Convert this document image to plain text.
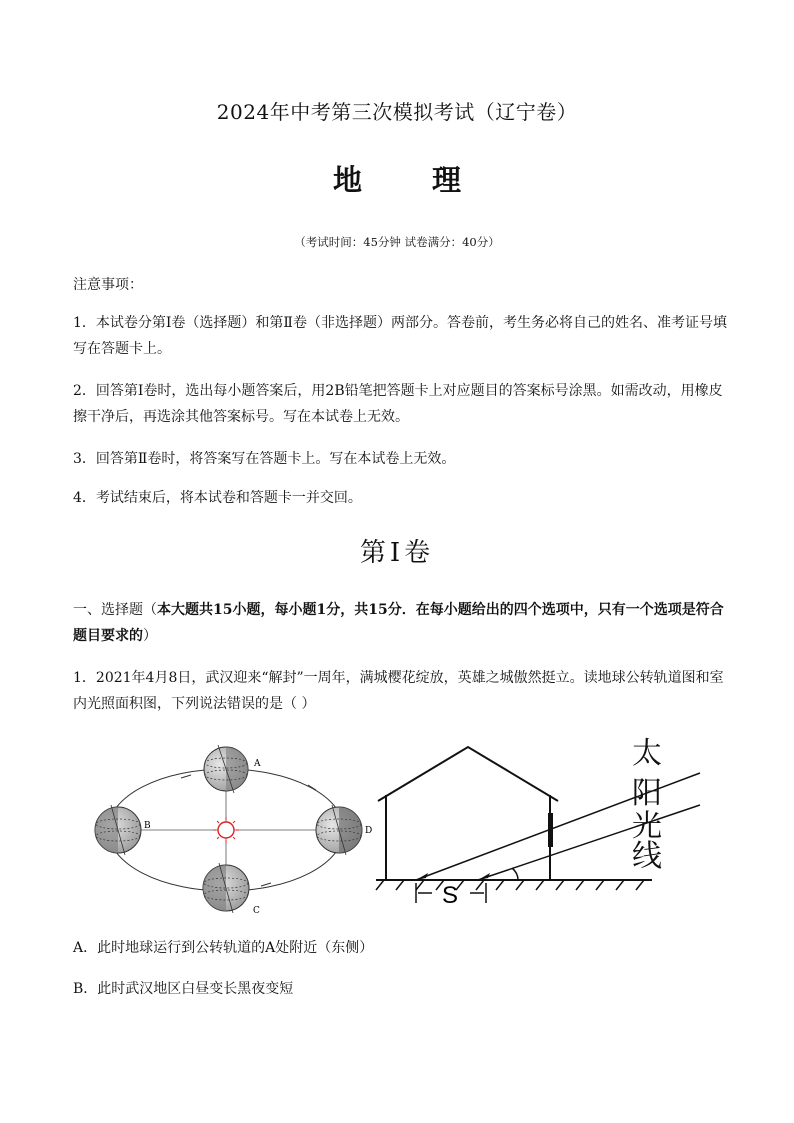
2024年中考第三次模拟考试（辽宁卷）
地 理
（考试时间：45分钟 试卷满分：40分）
注意事项：
1．本试卷分第Ⅰ卷（选择题）和第Ⅱ卷（非选择题）两部分。答卷前，考生务必将自己的姓名、准考证号填写在答题卡上。
2．回答第Ⅰ卷时，选出每小题答案后，用2B铅笔把答题卡上对应题目的答案标号涂黑。如需改动，用橡皮擦干净后，再选涂其他答案标号。写在本试卷上无效。
3．回答第Ⅱ卷时，将答案写在答题卡上。写在本试卷上无效。
4．考试结束后，将本试卷和答题卡一并交回。
第Ⅰ卷
一、选择题（本大题共15小题，每小题1分，共15分．在每小题给出的四个选项中，只有一个选项是符合题目要求的）
1．2021年4月8日，武汉迎来“解封”一周年，满城樱花绽放，英雄之城傲然挺立。读地球公转轨道图和室内光照面积图，下列说法错误的是（ ）
A
B
C
D
S
太
阳
光
线
A．此时地球运行到公转轨道的A处附近（东侧）
B．此时武汉地区白昼变长黑夜变短
